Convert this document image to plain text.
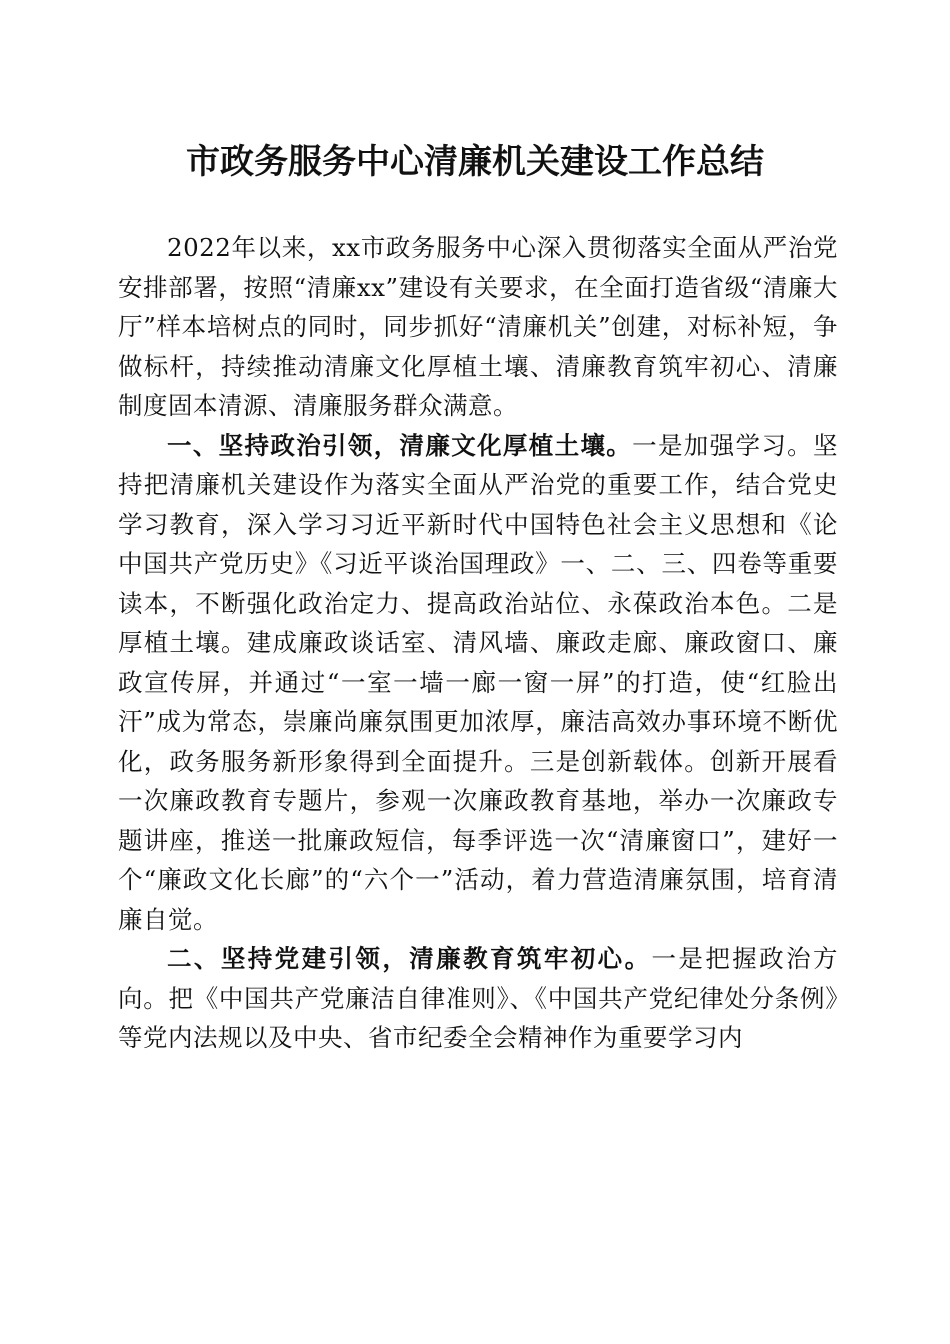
市政务服务中心清廉机关建设工作总结

2022年以来，xx市政务服务中心深入贯彻落实全面从严治党安排部署，按照“清廉xx”建设有关要求，在全面打造省级“清廉大厅”样本培树点的同时，同步抓好“清廉机关”创建，对标补短，争做标杆，持续推动清廉文化厚植土壤、清廉教育筑牢初心、清廉制度固本清源、清廉服务群众满意。

一、坚持政治引领，清廉文化厚植土壤。一是加强学习。坚持把清廉机关建设作为落实全面从严治党的重要工作，结合党史学习教育，深入学习习近平新时代中国特色社会主义思想和《论中国共产党历史》《习近平谈治国理政》一、二、三、四卷等重要读本，不断强化政治定力、提高政治站位、永葆政治本色。二是厚植土壤。建成廉政谈话室、清风墙、廉政走廊、廉政窗口、廉政宣传屏，并通过“一室一墙一廊一窗一屏”的打造，使“红脸出汗”成为常态，崇廉尚廉氛围更加浓厚，廉洁高效办事环境不断优化，政务服务新形象得到全面提升。三是创新载体。创新开展看一次廉政教育专题片，参观一次廉政教育基地，举办一次廉政专题讲座，推送一批廉政短信，每季评选一次“清廉窗口”，建好一个“廉政文化长廊”的“六个一”活动，着力营造清廉氛围，培育清廉自觉。

二、坚持党建引领，清廉教育筑牢初心。一是把握政治方向。把《中国共产党廉洁自律准则》、《中国共产党纪律处分条例》等党内法规以及中央、省市纪委全会精神作为重要学习内
